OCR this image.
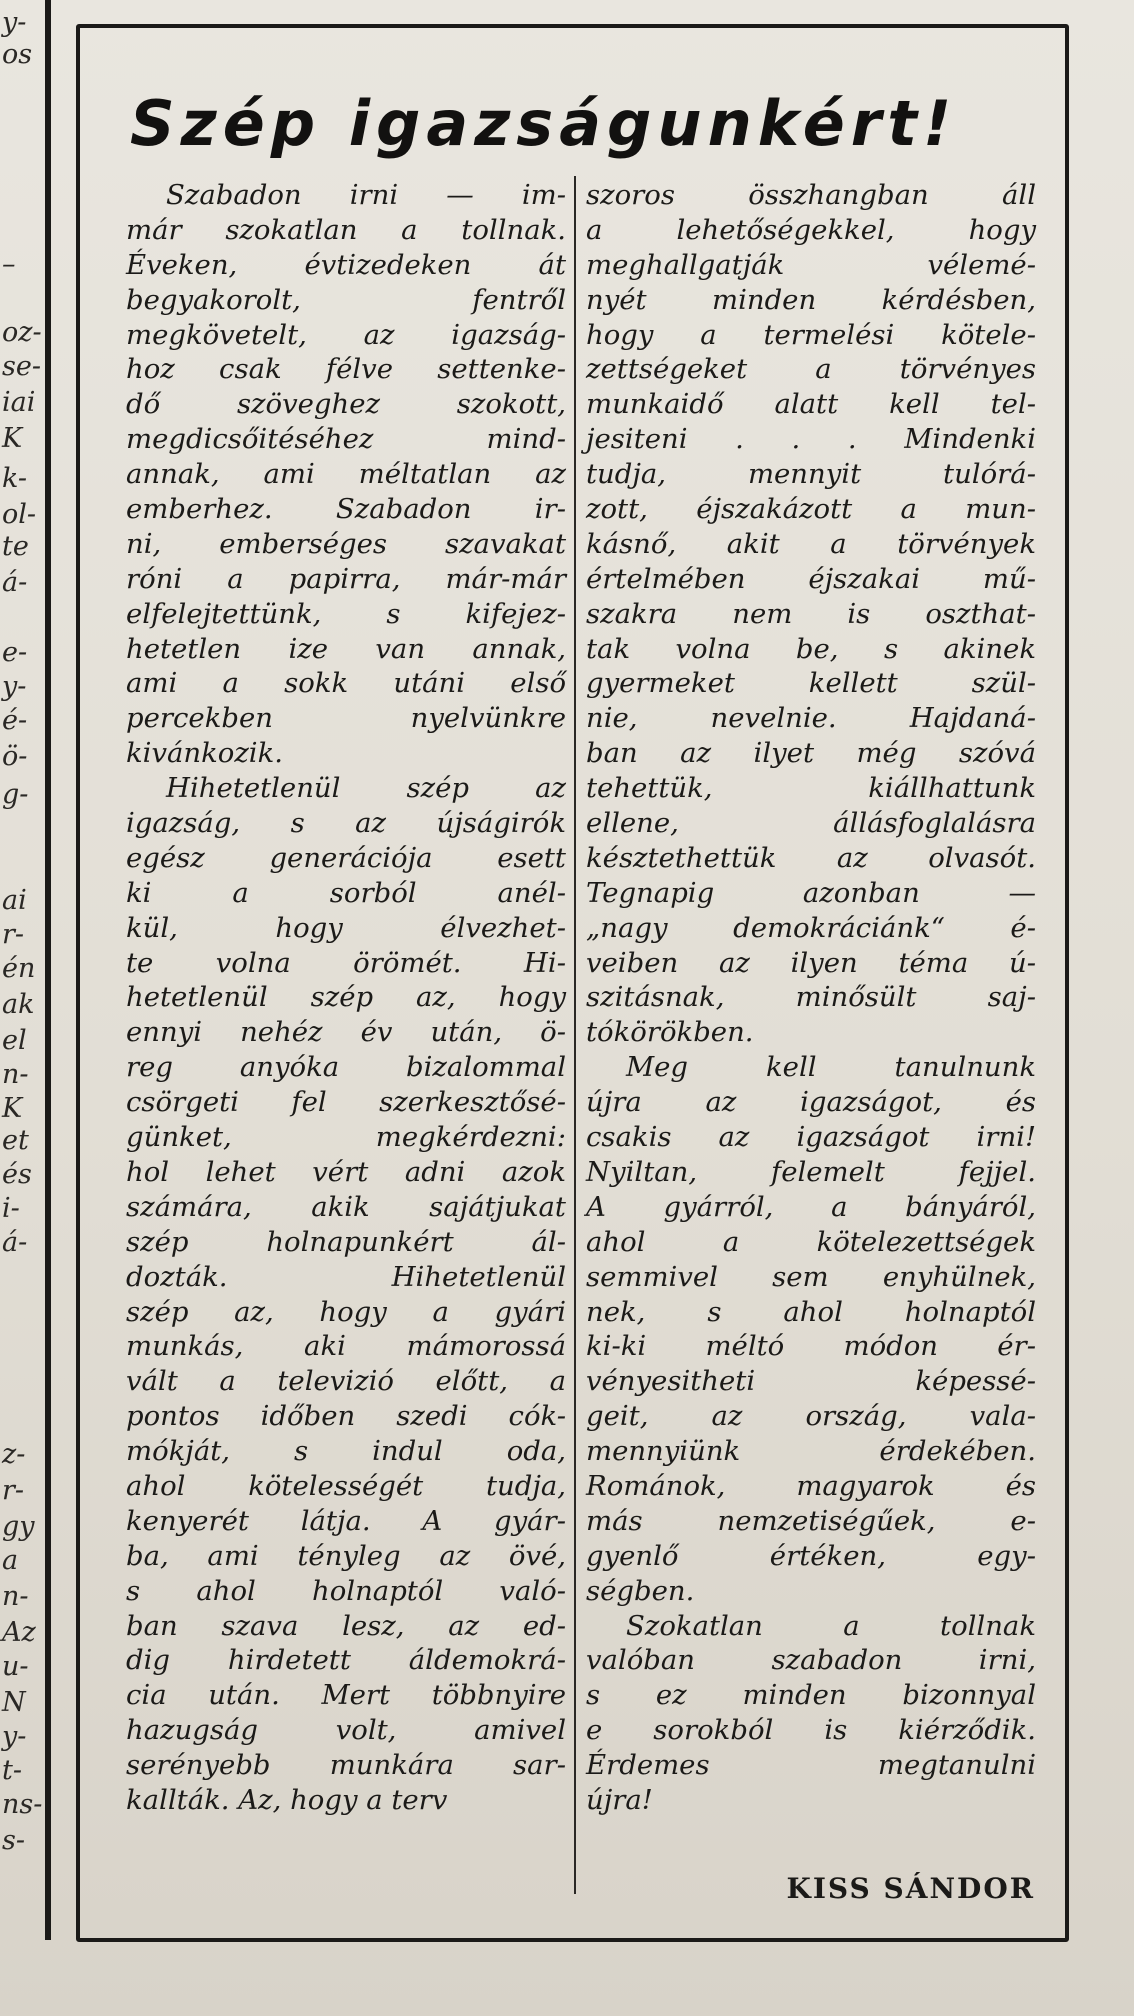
y-
os
–
oz-
se-
iai
K
k-
ol-
te
á-
e-
y-
é-
ö-
g-
ai
r-
én
ak
el
n-
K
et
és
i-
á-
z-
r-
gy
a
n-
Az
u-
N
y-
t-
ns-
s-
Szép igazságunkért!
Szabadon irni — im-
már szokatlan a tollnak.
Éveken, évtizedeken át
begyakorolt, fentről
megkövetelt, az igazság-
hoz csak félve settenke-
dő szöveghez szokott,
megdicsőitéséhez mind-
annak, ami méltatlan az
emberhez. Szabadon ir-
ni, emberséges szavakat
róni a papirra, már-már
elfelejtettünk, s kifejez-
hetetlen ize van annak,
ami a sokk utáni első
percekben nyelvünkre
kivánkozik.
Hihetetlenül szép az
igazság, s az újságirók
egész generációja esett
ki a sorból anél-
kül, hogy élvezhet-
te volna örömét. Hi-
hetetlenül szép az, hogy
ennyi nehéz év után, ö-
reg anyóka bizalommal
csörgeti fel szerkesztősé-
günket, megkérdezni:
hol lehet vért adni azok
számára, akik sajátjukat
szép holnapunkért ál-
dozták. Hihetetlenül
szép az, hogy a gyári
munkás, aki mámorossá
vált a televizió előtt, a
pontos időben szedi cók-
mókját, s indul oda,
ahol kötelességét tudja,
kenyerét látja. A gyár-
ba, ami tényleg az övé,
s ahol holnaptól való-
ban szava lesz, az ed-
dig hirdetett áldemokrá-
cia után. Mert többnyire
hazugság volt, amivel
serényebb munkára sar-
kallták. Az, hogy a terv
szoros összhangban áll
a lehetőségekkel, hogy
meghallgatják vélemé-
nyét minden kérdésben,
hogy a termelési kötele-
zettségeket a törvényes
munkaidő alatt kell tel-
jesiteni . . . Mindenki
tudja, mennyit tulórá-
zott, éjszakázott a mun-
kásnő, akit a törvények
értelmében éjszakai mű-
szakra nem is oszthat-
tak volna be, s akinek
gyermeket kellett szül-
nie, nevelnie. Hajdaná-
ban az ilyet még szóvá
tehettük, kiállhattunk
ellene, állásfoglalásra
késztethettük az olvasót.
Tegnapig azonban —
„nagy demokráciánk“ é-
veiben az ilyen téma ú-
szitásnak, minősült saj-
tókörökben.
Meg kell tanulnunk
újra az igazságot, és
csakis az igazságot irni!
Nyiltan, felemelt fejjel.
A gyárról, a bányáról,
ahol a kötelezettségek
semmivel sem enyhülnek,
nek, s ahol holnaptól
ki-ki méltó módon ér-
vényesitheti képessé-
geit, az ország, vala-
mennyiünk érdekében.
Románok, magyarok és
más nemzetiségűek, e-
gyenlő értéken, egy-
ségben.
Szokatlan a tollnak
valóban szabadon irni,
s ez minden bizonnyal
e sorokból is kiérződik.
Érdemes megtanulni
újra!
KISS SÁNDOR
